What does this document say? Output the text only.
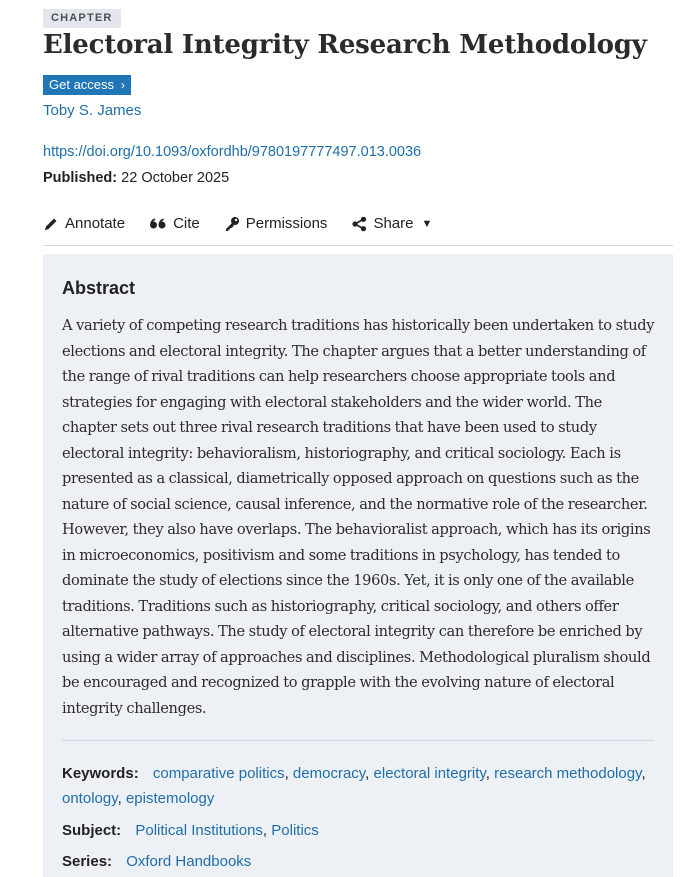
CHAPTER
Electoral Integrity Research Methodology
Get access ›
Toby S. James
https://doi.org/10.1093/oxfordhb/9780197777497.013.0036
Published: 22 October 2025
Annotate	Cite	Permissions	Share ▼
Abstract

A variety of competing research traditions has historically been undertaken to study elections and electoral integrity. The chapter argues that a better understanding of the range of rival traditions can help researchers choose appropriate tools and strategies for engaging with electoral stakeholders and the wider world. The chapter sets out three rival research traditions that have been used to study electoral integrity: behavioralism, historiography, and critical sociology. Each is presented as a classical, diametrically opposed approach on questions such as the nature of social science, causal inference, and the normative role of the researcher. However, they also have overlaps. The behavioralist approach, which has its origins in microeconomics, positivism and some traditions in psychology, has tended to dominate the study of elections since the 1960s. Yet, it is only one of the available traditions. Traditions such as historiography, critical sociology, and others offer alternative pathways. The study of electoral integrity can therefore be enriched by using a wider array of approaches and disciplines. Methodological pluralism should be encouraged and recognized to grapple with the evolving nature of electoral integrity challenges.

Keywords: comparative politics, democracy, electoral integrity, research methodology, ontology, epistemology
Subject: Political Institutions, Politics
Series: Oxford Handbooks
